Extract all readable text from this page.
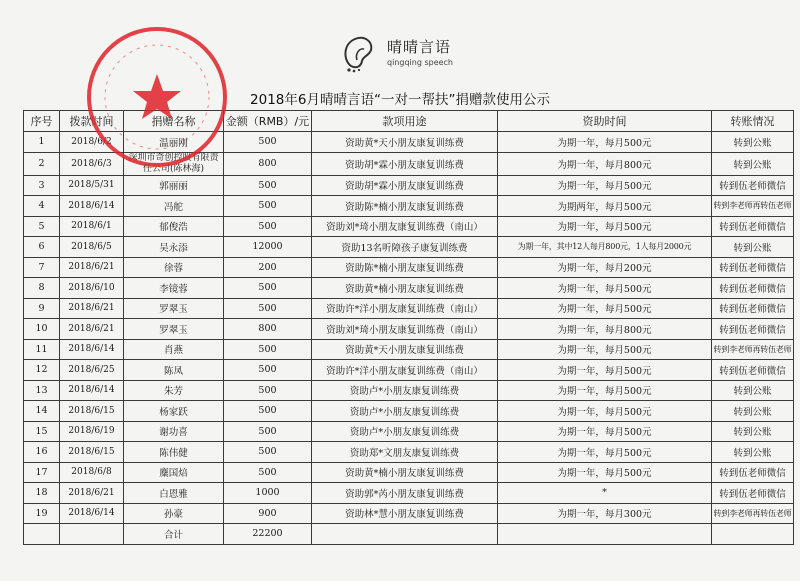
晴晴言语
qingqing speech
2018年6月晴晴言语“一对一帮扶”捐赠款使用公示
序号	拨款时间	捐赠名称	金额（RMB）/元	款项用途	资助时间	转账情况
1	2018/6/2	温丽刚	500	资助黄*天小朋友康复训练费	为期一年，每月500元	转到公账
2	2018/6/3	深圳市奇创控股有限责任公司(陈林海)	800	资助胡*霖小朋友康复训练费	为期一年，每月800元	转到公账
3	2018/5/31	郭丽丽	500	资助胡*霖小朋友康复训练费	为期一年，每月500元	转到伍老师微信
4	2018/6/14	冯舵	500	资助陈*楠小朋友康复训练费	为期两年，每月500元	转到李老师再转伍老师
5	2018/6/1	郁俊浩	500	资助刘*琦小朋友康复训练费（南山）	为期一年，每月500元	转到伍老师微信
6	2018/6/5	吴永添	12000	资助13名听障孩子康复训练费	为期一年，其中12人每月800元，1人每月2000元	转到公账
7	2018/6/21	徐蓉	200	资助陈*楠小朋友康复训练费	为期一年，每月200元	转到伍老师微信
8	2018/6/10	李镜蓉	500	资助黄*楠小朋友康复训练费	为期一年，每月500元	转到伍老师微信
9	2018/6/21	罗翠玉	500	资助许*洋小朋友康复训练费（南山）	为期一年，每月500元	转到伍老师微信
10	2018/6/21	罗翠玉	800	资助刘*琦小朋友康复训练费（南山）	为期一年，每月800元	转到伍老师微信
11	2018/6/14	肖燕	500	资助黄*天小朋友康复训练费	为期一年，每月500元	转到李老师再转伍老师
12	2018/6/25	陈凤	500	资助许*洋小朋友康复训练费（南山）	为期一年，每月500元	转到伍老师微信
13	2018/6/14	朱芳	500	资助卢*小朋友康复训练费	为期一年，每月500元	转到公账
14	2018/6/15	杨家跃	500	资助卢*小朋友康复训练费	为期一年，每月500元	转到公账
15	2018/6/19	谢功喜	500	资助卢*小朋友康复训练费	为期一年，每月500元	转到公账
16	2018/6/15	陈伟健	500	资助郑*文朋友康复训练费	为期一年，每月500元	转到公账
17	2018/6/8	麋国焙	500	资助黄*楠小朋友康复训练费	为期一年，每月500元	转到伍老师微信
18	2018/6/21	白恩雅	1000	资助郭*芮小朋友康复训练费	*	转到伍老师微信
19	2018/6/14	孙豪	900	资助林*慧小朋友康复训练费	为期一年，每月300元	转到李老师再转伍老师
		合计	22200			
